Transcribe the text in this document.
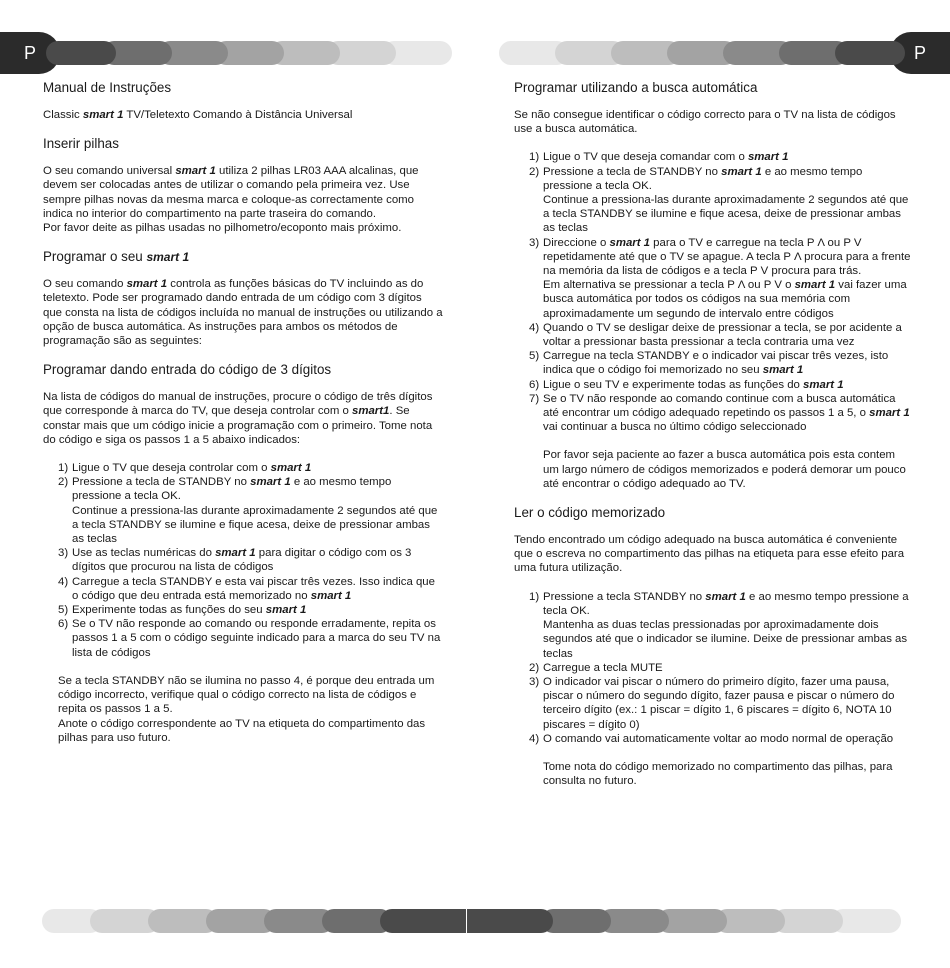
P	P
Manual de Instruções

Classic smart 1 TV/Teletexto Comando à Distância Universal

Inserir pilhas

O seu comando universal smart 1 utiliza 2 pilhas LR03 AAA alcalinas, que devem ser colocadas antes de utilizar o comando pela primeira vez. Use sempre pilhas novas da mesma marca e coloque-as correctamente como indica no interior do compartimento na parte traseira do comando.

Por favor deite as pilhas usadas no pilhometro/ecoponto mais próximo.

Programar o seu smart 1

O seu comando smart 1 controla as funções básicas do TV incluindo as do teletexto. Pode ser programado dando entrada de um código com 3 dígitos que consta na lista de códigos incluída no manual de instruções ou utilizando a opção de busca automática. As instruções para ambos os métodos de programação são as seguintes:

Programar dando entrada do código de 3 dígitos

Na lista de códigos do manual de instruções, procure o código de três dígitos que corresponde à marca do TV, que deseja controlar com o smart1. Se constar mais que um código inicie a programação com o primeiro. Tome nota do código e siga os passos 1 a 5 abaixo indicados:

1) Ligue o TV que deseja controlar com o smart 1
2) Pressione a tecla de STANDBY no smart 1 e ao mesmo tempo pressione a tecla OK.
Continue a pressiona-las durante aproximadamente 2 segundos até que a tecla STANDBY se ilumine e fique acesa, deixe de pressionar ambas as teclas
3) Use as teclas numéricas do smart 1 para digitar o código com os 3 dígitos que procurou na lista de códigos
4) Carregue a tecla STANDBY e esta vai piscar três vezes. Isso indica que o código que deu entrada está memorizado no smart 1
5) Experimente todas as funções do seu smart 1
6) Se o TV não responde ao comando ou responde erradamente, repita os passos 1 a 5 com o código seguinte indicado para a marca do seu TV na lista de códigos

Se a tecla STANDBY não se ilumina no passo 4, é porque deu entrada um código incorrecto, verifique qual o código correcto na lista de códigos e repita os passos 1 a 5.

Anote o código correspondente ao TV na etiqueta do compartimento das pilhas para uso futuro.

Programar utilizando a busca automática

Se não consegue identificar o código correcto para o TV na lista de códigos use a busca automática.

1) Ligue o TV que deseja comandar com o smart 1
2) Pressione a tecla de STANDBY no smart 1 e ao mesmo tempo pressione a tecla OK.
Continue a pressiona-las durante aproximadamente 2 segundos até que a tecla STANDBY se ilumine e fique acesa, deixe de pressionar ambas as teclas
3) Direccione o smart 1 para o TV e carregue na tecla P Λ ou P V repetidamente até que o TV se apague. A tecla P Λ procura para a frente na memória da lista de códigos e a tecla P V procura para trás.
Em alternativa se pressionar a tecla P Λ ou P V o smart 1 vai fazer uma busca automática por todos os códigos na sua memória com aproximadamente um segundo de intervalo entre códigos
4) Quando o TV se desligar deixe de pressionar a tecla, se por acidente a voltar a pressionar basta pressionar a tecla contraria uma vez
5) Carregue na tecla STANDBY e o indicador vai piscar três vezes, isto indica que o código foi memorizado no seu smart 1
6) Ligue o seu TV e experimente todas as funções do smart 1
7) Se o TV não responde ao comando continue com a busca automática até encontrar um código adequado repetindo os passos 1 a 5, o smart 1 vai continuar a busca no último código seleccionado

Por favor seja paciente ao fazer a busca automática pois esta contem um largo número de códigos memorizados e poderá demorar um pouco até encontrar o código adequado ao TV.

Ler o código memorizado

Tendo encontrado um código adequado na busca automática é conveniente que o escreva no compartimento das pilhas na etiqueta para esse efeito para uma futura utilização.

1) Pressione a tecla STANDBY no smart 1 e ao mesmo tempo pressione a tecla OK.
Mantenha as duas teclas pressionadas por aproximadamente dois segundos até que o indicador se ilumine. Deixe de pressionar ambas as teclas
2) Carregue a tecla MUTE
3) O indicador vai piscar o número do primeiro dígito, fazer uma pausa, piscar o número do segundo dígito, fazer pausa e piscar o número do terceiro dígito (ex.: 1 piscar = dígito 1, 6 piscares = dígito 6, NOTA 10 piscares = dígito 0)
4) O comando vai automaticamente voltar ao modo normal de operação

Tome nota do código memorizado no compartimento das pilhas, para consulta no futuro.
